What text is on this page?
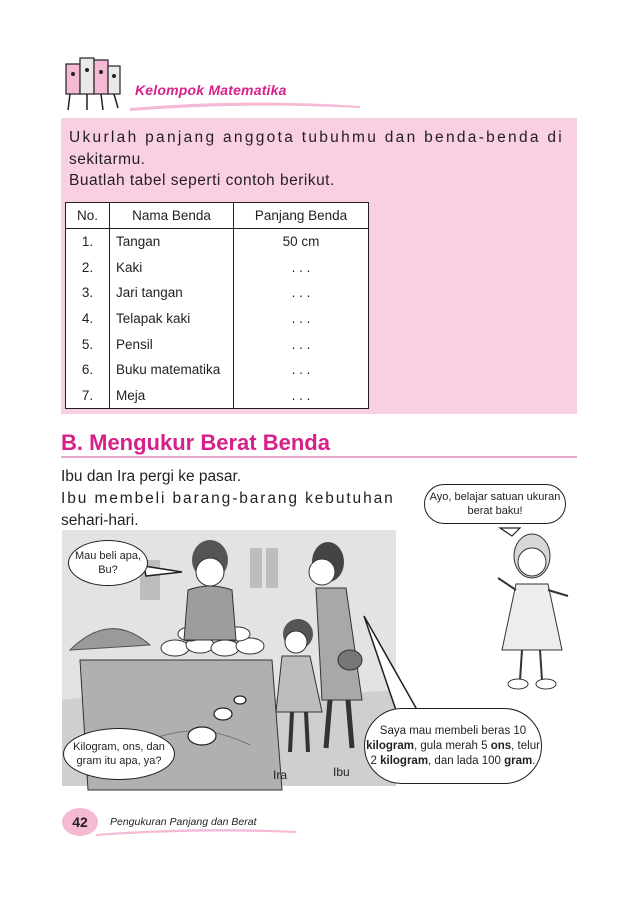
Kelompok Matematika
Ukurlah panjang anggota tubuhmu dan benda-benda di
sekitarmu.
Buatlah tabel seperti contoh berikut.
No.	Nama Benda	Panjang Benda
1.	Tangan	50 cm
2.	Kaki	. . .
3.	Jari tangan	. . .
4.	Telapak kaki	. . .
5.	Pensil	. . .
6.	Buku matematika	. . .
7.	Meja	. . .
B. Mengukur Berat Benda
Ibu dan Ira pergi ke pasar.
Ibu membeli barang-barang kebutuhan
sehari-hari.
Ayo, belajar satuan ukuran berat baku!
Mau beli apa, Bu?
Kilogram, ons, dan gram itu apa, ya?
Saya mau membeli beras 10 kilogram, gula merah 5 ons, telur 2 kilogram, dan lada 100 gram.
Ira	Ibu
42	Pengukuran Panjang dan Berat
